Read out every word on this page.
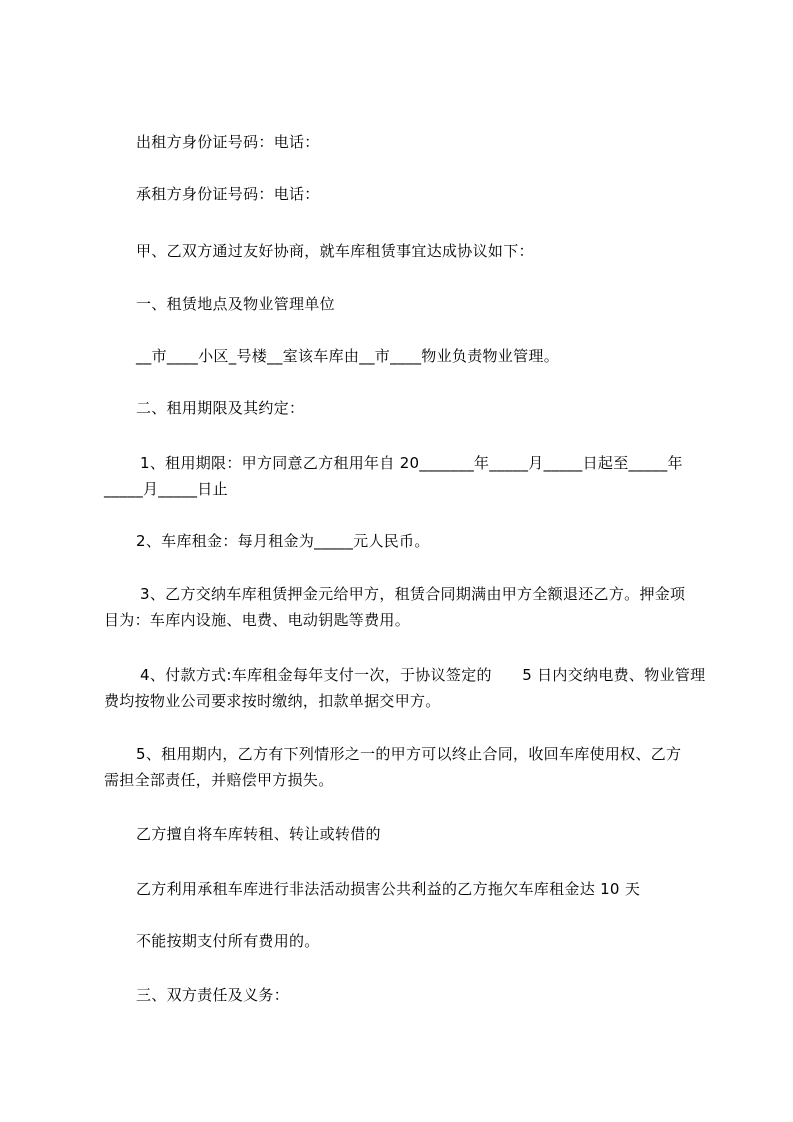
出租方身份证号码：电话：
承租方身份证号码：电话：
甲、乙双方通过友好协商，就车库租赁事宜达成协议如下：
一、租赁地点及物业管理单位
__市____小区_号楼__室该车库由__市____物业负责物业管理。
二、租用期限及其约定：
1、租用期限：甲方同意乙方租用年自 20_______年_____月_____日起至_____年
_____月_____日止
2、车库租金：每月租金为_____元人民币。
3、乙方交纳车库租赁押金元给甲方，租赁合同期满由甲方全额退还乙方。押金项
目为：车库内设施、电费、电动钥匙等费用。
4、付款方式:车库租金每年支付一次，于协议签定的      5 日内交纳电费、物业管理
费均按物业公司要求按时缴纳，扣款单据交甲方。
5、租用期内，乙方有下列情形之一的甲方可以终止合同，收回车库使用权、乙方
需担全部责任，并赔偿甲方损失。
乙方擅自将车库转租、转让或转借的
乙方利用承租车库进行非法活动损害公共利益的乙方拖欠车库租金达 10 天
不能按期支付所有费用的。
三、双方责任及义务：
